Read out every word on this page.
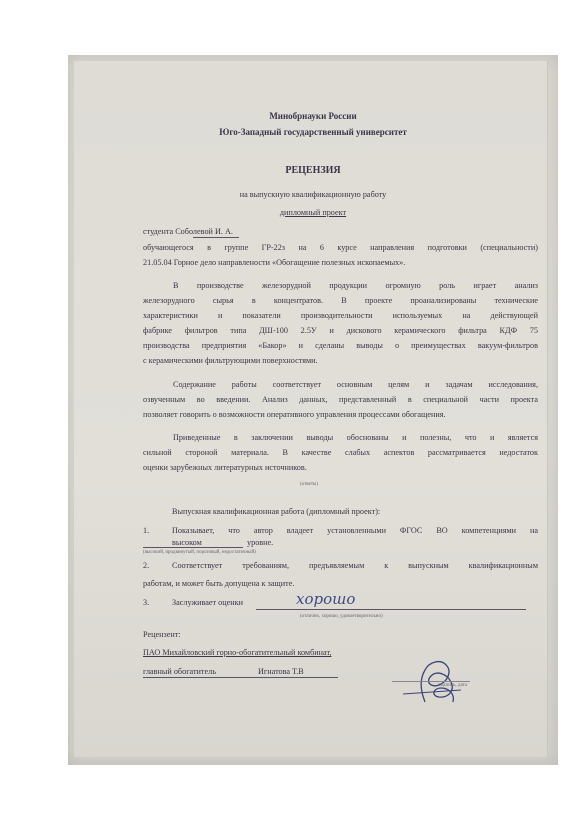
Минобрнауки России
Юго-Западный государственный университет
РЕЦЕНЗИЯ
на выпускную квалификационную работу
дипломный проект
студента Соболевой И. А.
обучающегося в группе ГР-22з на 6 курсе направления подготовки (специальности)
21.05.04 Горное дело направлености «Обогащение полезных ископаемых».
В производстве железорудной продукции огромную роль играет анализ
железорудного сырья в концентратов. В проекте проанализированы технические
характеристики и показатели производительности используемых на действующей
фабрике фильтров типа ДШ-100 2.5У и дискового керамического фильтра КДФ 75
производства предприятия «Бакор» и сделаны выводы о преимуществах вакуум-фильтров
с керамическими фильтрующими поверхностями.
Содержание работы соответствует основным целям и задачам исследования,
озвученным во введении. Анализ данных, представленный в специальной части проекта
позволяет говорить о возможности оперативного управления процессами обогащения.
Приведенные в заключении выводы обоснованы и полезны, что и является
сильной стороной материала. В качестве слабых аспектов рассматривается недостаток
оценки зарубежных литературных источников.
(ответы)
Выпускная квалификационная работа (дипломный проект):
1.	Показывает, что автор владеет установленными ФГОС ВО компетенциями на
высоком	уровне.
(высокий, продвинутый, пороговый, недостаточный)
2.	Соответствует требованиям, предъявляемым к выпускным квалификационным
работам, и может быть допущена к защите.
3.	Заслуживает оценки	хорошо
(отлично, хорошо, удовлетворительно)
Рецензент:
ПАО Михайловский горно-обогатительный комбинат,
главный обогатитель	Игнатова Т.В
подпись, дата
